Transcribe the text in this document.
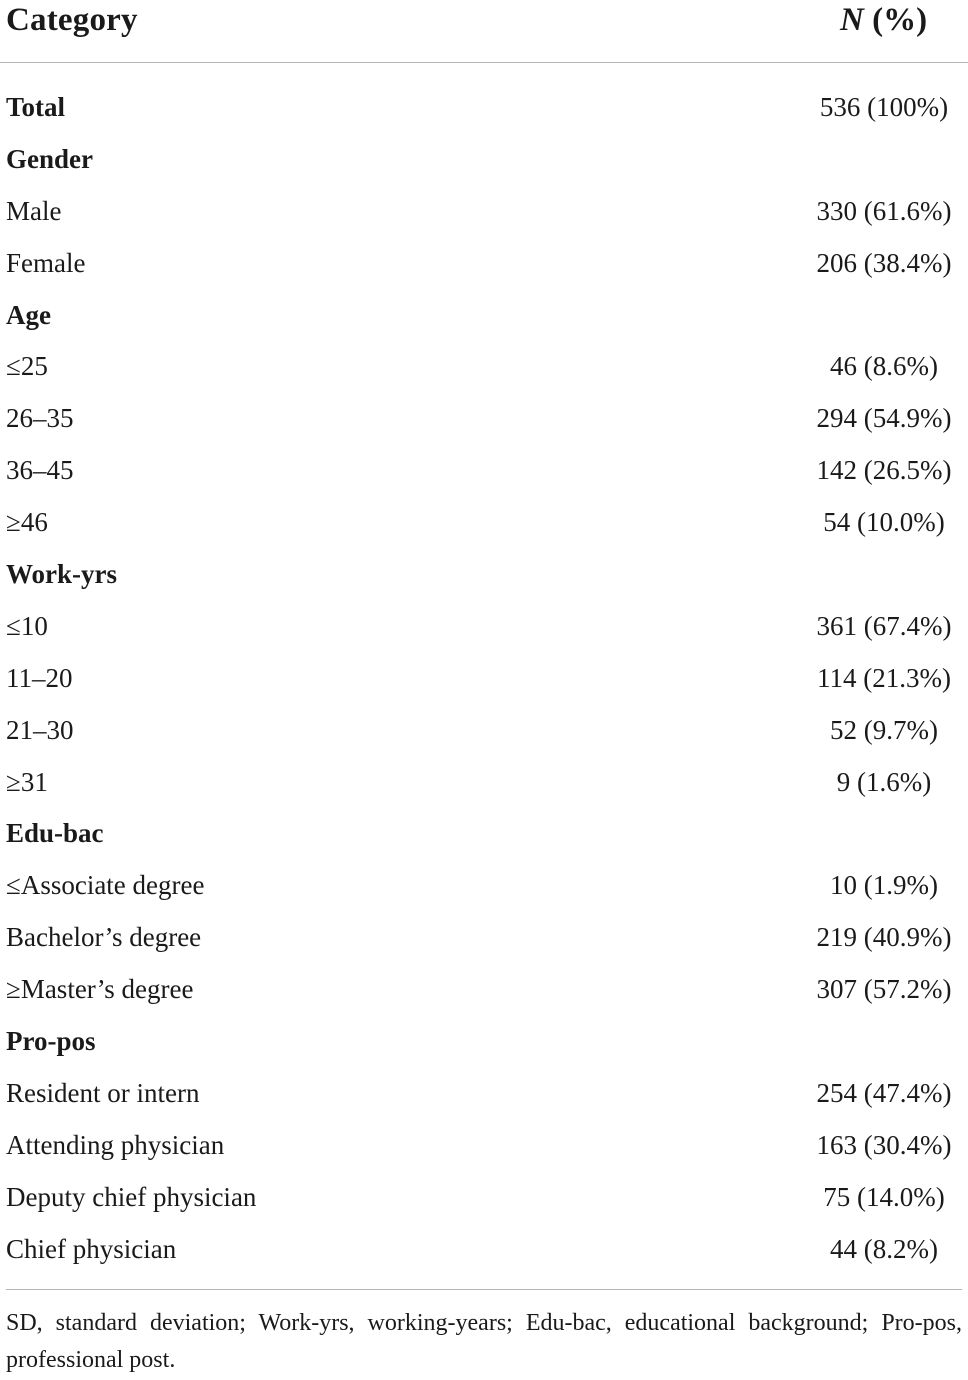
Category	N (%)
Total	536 (100%)
Gender
Male	330 (61.6%)
Female	206 (38.4%)
Age
≤25	46 (8.6%)
26–35	294 (54.9%)
36–45	142 (26.5%)
≥46	54 (10.0%)
Work-yrs
≤10	361 (67.4%)
11–20	114 (21.3%)
21–30	52 (9.7%)
≥31	9 (1.6%)
Edu-bac
≤Associate degree	10 (1.9%)
Bachelor’s degree	219 (40.9%)
≥Master’s degree	307 (57.2%)
Pro-pos
Resident or intern	254 (47.4%)
Attending physician	163 (30.4%)
Deputy chief physician	75 (14.0%)
Chief physician	44 (8.2%)
SD, standard deviation; Work-yrs, working-years; Edu-bac, educational background; Pro-pos, professional post.
